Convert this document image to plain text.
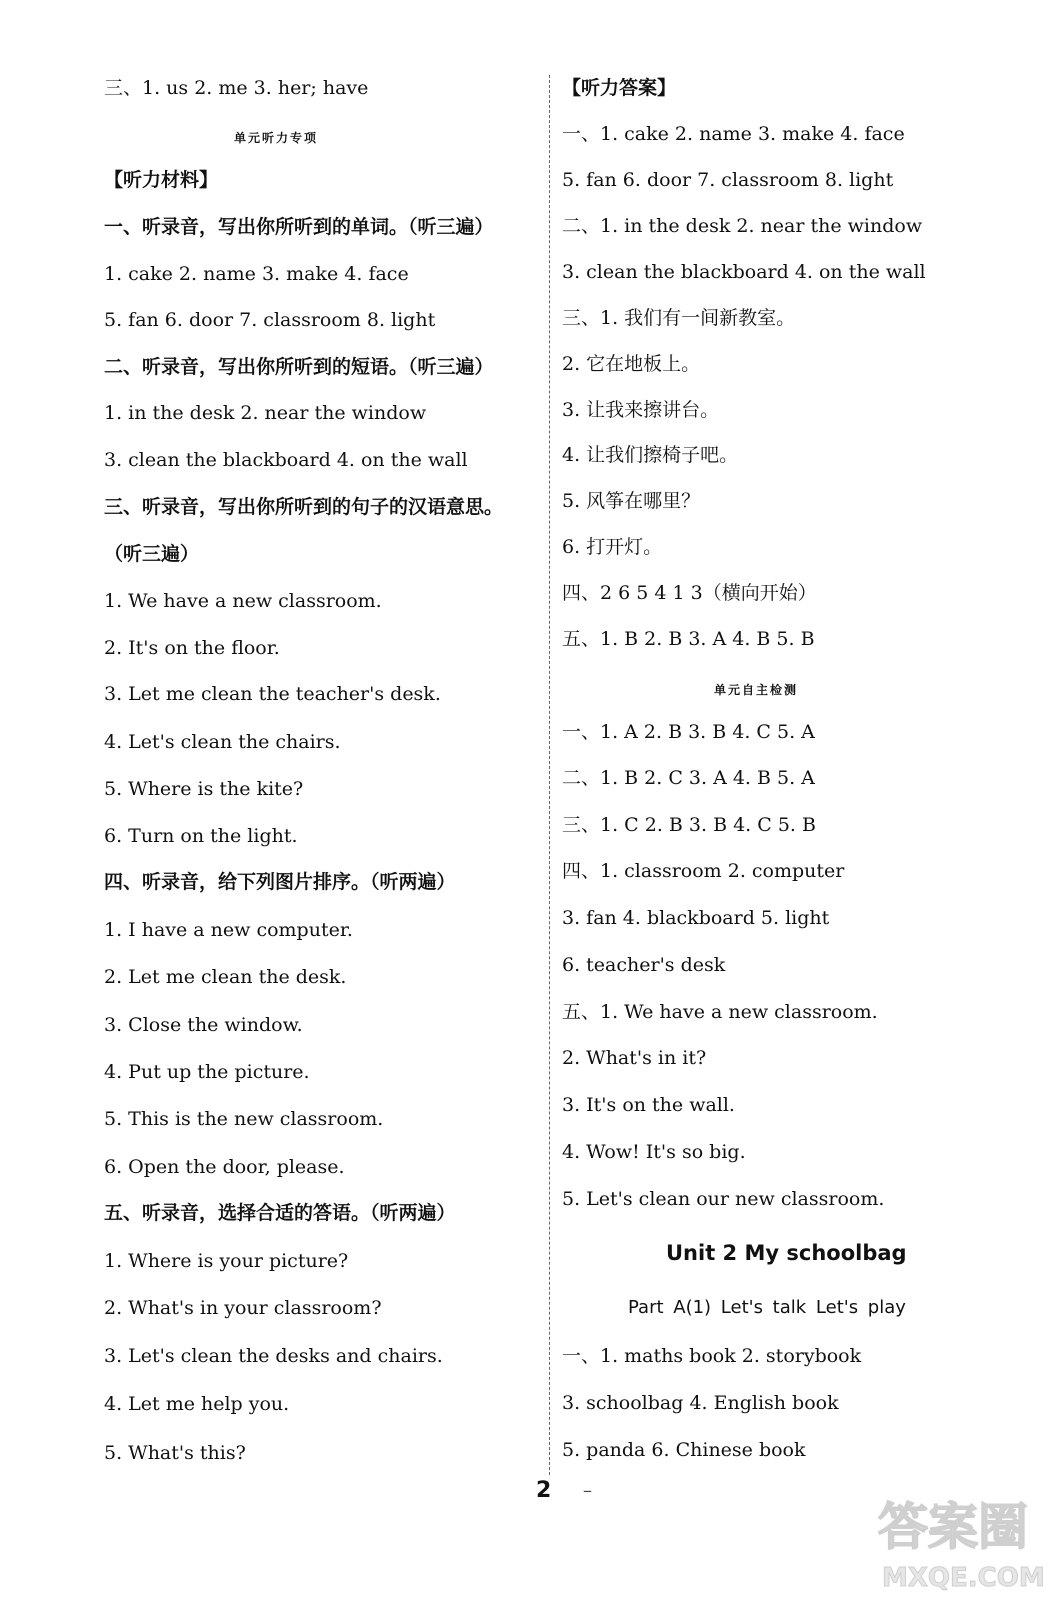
三、1. us 2. me 3. her; have
单元听力专项
【听力材料】
一、听录音，写出你所听到的单词。（听三遍）
1. cake 2. name 3. make 4. face
5. fan 6. door 7. classroom 8. light
二、听录音，写出你所听到的短语。（听三遍）
1. in the desk 2. near the window
3. clean the blackboard 4. on the wall
三、听录音，写出你所听到的句子的汉语意思。
（听三遍）
1. We have a new classroom.
2. It's on the floor.
3. Let me clean the teacher's desk.
4. Let's clean the chairs.
5. Where is the kite?
6. Turn on the light.
四、听录音，给下列图片排序。（听两遍）
1. I have a new computer.
2. Let me clean the desk.
3. Close the window.
4. Put up the picture.
5. This is the new classroom.
6. Open the door, please.
五、听录音，选择合适的答语。（听两遍）
1. Where is your picture?
2. What's in your classroom?
3. Let's clean the desks and chairs.
4. Let me help you.
5. What's this?
【听力答案】
一、1. cake 2. name 3. make 4. face
5. fan 6. door 7. classroom 8. light
二、1. in the desk 2. near the window
3. clean the blackboard 4. on the wall
三、1. 我们有一间新教室。
2. 它在地板上。
3. 让我来擦讲台。
4. 让我们擦椅子吧。
5. 风筝在哪里？
6. 打开灯。
四、2 6 5 4 1 3（横向开始）
五、1. B 2. B 3. A 4. B 5. B
单元自主检测
一、1. A 2. B 3. B 4. C 5. A
二、1. B 2. C 3. A 4. B 5. A
三、1. C 2. B 3. B 4. C 5. B
四、1. classroom 2. computer
3. fan 4. blackboard 5. light
6. teacher's desk
五、1. We have a new classroom.
2. What's in it?
3. It's on the wall.
4. Wow! It's so big.
5. Let's clean our new classroom.
Unit 2 My schoolbag
Part A(1) Let's talk Let's play
一、1. maths book 2. storybook
3. schoolbag 4. English book
5. panda 6. Chinese book
2 –
答案圈
MXQE.COM
